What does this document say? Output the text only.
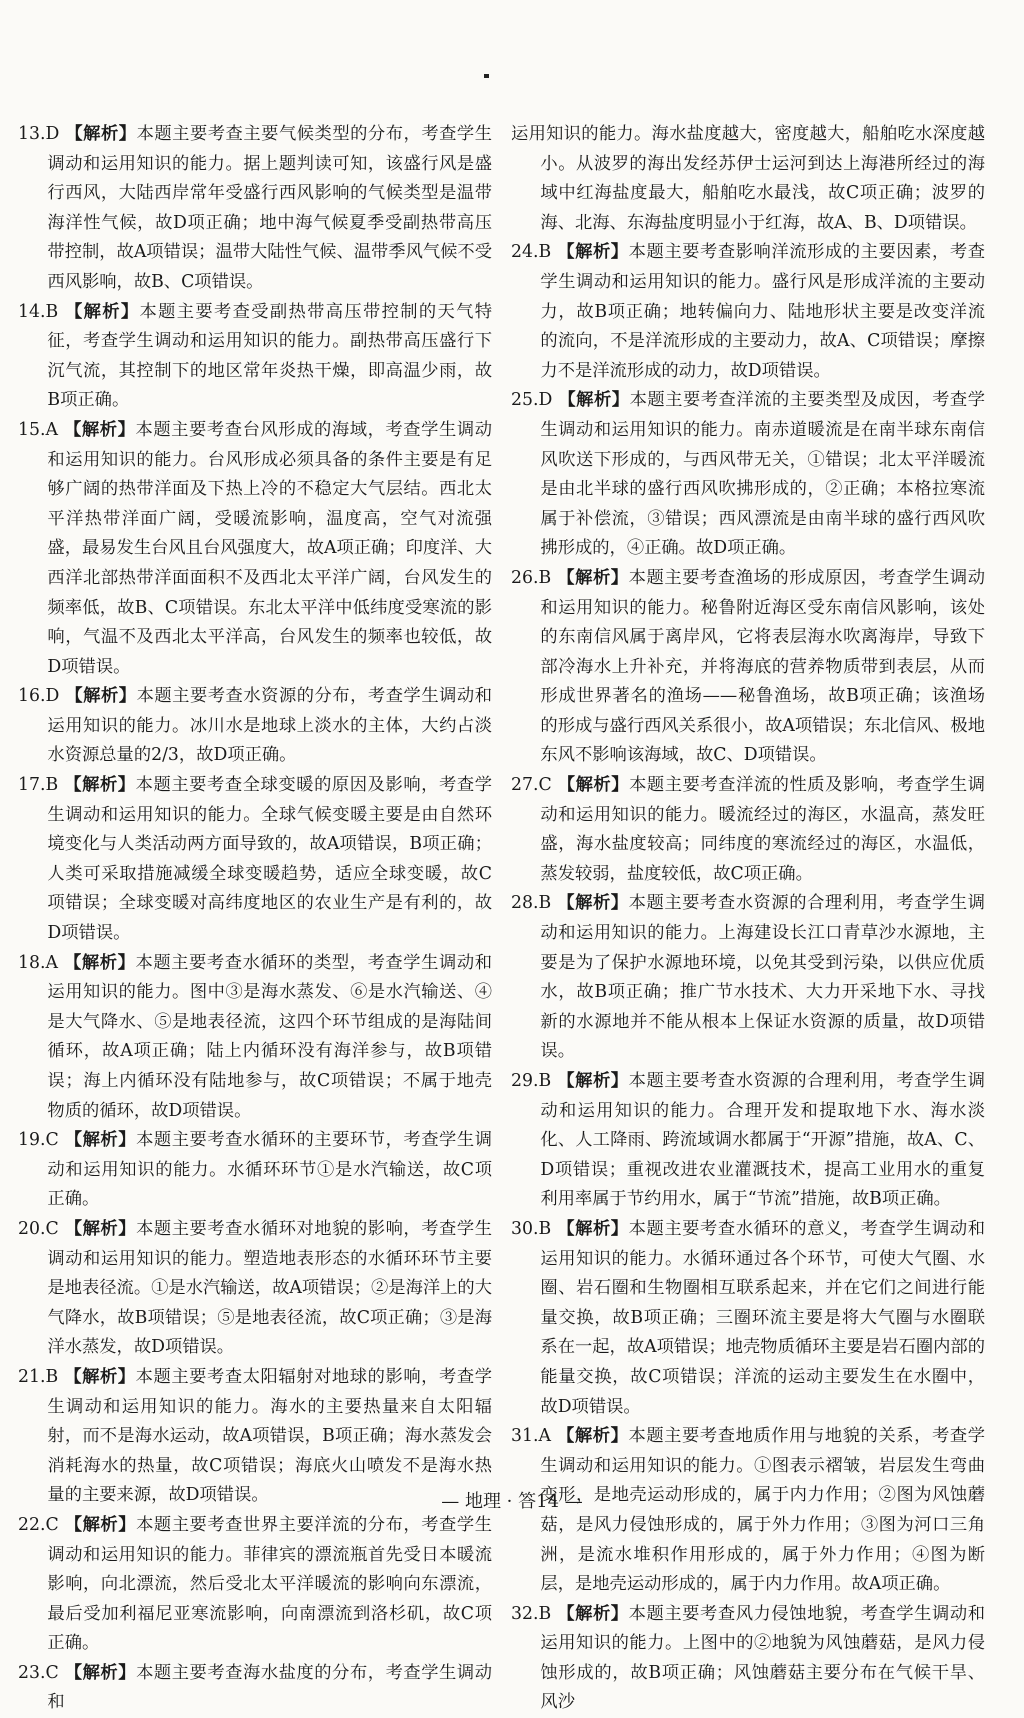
13.D 【解析】本题主要考查主要气候类型的分布，考查学生调动和运用知识的能力。据上题判读可知，该盛行风是盛行西风，大陆西岸常年受盛行西风影响的气候类型是温带海洋性气候，故D项正确；地中海气候夏季受副热带高压带控制，故A项错误；温带大陆性气候、温带季风气候不受西风影响，故B、C项错误。
14.B 【解析】本题主要考查受副热带高压带控制的天气特征，考查学生调动和运用知识的能力。副热带高压盛行下沉气流，其控制下的地区常年炎热干燥，即高温少雨，故B项正确。
15.A 【解析】本题主要考查台风形成的海域，考查学生调动和运用知识的能力。台风形成必须具备的条件主要是有足够广阔的热带洋面及下热上冷的不稳定大气层结。西北太平洋热带洋面广阔，受暖流影响，温度高，空气对流强盛，最易发生台风且台风强度大，故A项正确；印度洋、大西洋北部热带洋面面积不及西北太平洋广阔，台风发生的频率低，故B、C项错误。东北太平洋中低纬度受寒流的影响，气温不及西北太平洋高，台风发生的频率也较低，故D项错误。
16.D 【解析】本题主要考查水资源的分布，考查学生调动和运用知识的能力。冰川水是地球上淡水的主体，大约占淡水资源总量的2/3，故D项正确。
17.B 【解析】本题主要考查全球变暖的原因及影响，考查学生调动和运用知识的能力。全球气候变暖主要是由自然环境变化与人类活动两方面导致的，故A项错误，B项正确；人类可采取措施减缓全球变暖趋势，适应全球变暖，故C项错误；全球变暖对高纬度地区的农业生产是有利的，故D项错误。
18.A 【解析】本题主要考查水循环的类型，考查学生调动和运用知识的能力。图中③是海水蒸发、⑥是水汽输送、④是大气降水、⑤是地表径流，这四个环节组成的是海陆间循环，故A项正确；陆上内循环没有海洋参与，故B项错误；海上内循环没有陆地参与，故C项错误；不属于地壳物质的循环，故D项错误。
19.C 【解析】本题主要考查水循环的主要环节，考查学生调动和运用知识的能力。水循环环节①是水汽输送，故C项正确。
20.C 【解析】本题主要考查水循环对地貌的影响，考查学生调动和运用知识的能力。塑造地表形态的水循环环节主要是地表径流。①是水汽输送，故A项错误；②是海洋上的大气降水，故B项错误；⑤是地表径流，故C项正确；③是海洋水蒸发，故D项错误。
21.B 【解析】本题主要考查太阳辐射对地球的影响，考查学生调动和运用知识的能力。海水的主要热量来自太阳辐射，而不是海水运动，故A项错误，B项正确；海水蒸发会消耗海水的热量，故C项错误；海底火山喷发不是海水热量的主要来源，故D项错误。
22.C 【解析】本题主要考查世界主要洋流的分布，考查学生调动和运用知识的能力。菲律宾的漂流瓶首先受日本暖流影响，向北漂流，然后受北太平洋暖流的影响向东漂流，最后受加利福尼亚寒流影响，向南漂流到洛杉矶，故C项正确。
23.C 【解析】本题主要考查海水盐度的分布，考查学生调动和
运用知识的能力。海水盐度越大，密度越大，船舶吃水深度越小。从波罗的海出发经苏伊士运河到达上海港所经过的海域中红海盐度最大，船舶吃水最浅，故C项正确；波罗的海、北海、东海盐度明显小于红海，故A、B、D项错误。
24.B 【解析】本题主要考查影响洋流形成的主要因素，考查学生调动和运用知识的能力。盛行风是形成洋流的主要动力，故B项正确；地转偏向力、陆地形状主要是改变洋流的流向，不是洋流形成的主要动力，故A、C项错误；摩擦力不是洋流形成的动力，故D项错误。
25.D 【解析】本题主要考查洋流的主要类型及成因，考查学生调动和运用知识的能力。南赤道暖流是在南半球东南信风吹送下形成的，与西风带无关，①错误；北太平洋暖流是由北半球的盛行西风吹拂形成的，②正确；本格拉寒流属于补偿流，③错误；西风漂流是由南半球的盛行西风吹拂形成的，④正确。故D项正确。
26.B 【解析】本题主要考查渔场的形成原因，考查学生调动和运用知识的能力。秘鲁附近海区受东南信风影响，该处的东南信风属于离岸风，它将表层海水吹离海岸，导致下部冷海水上升补充，并将海底的营养物质带到表层，从而形成世界著名的渔场——秘鲁渔场，故B项正确；该渔场的形成与盛行西风关系很小，故A项错误；东北信风、极地东风不影响该海域，故C、D项错误。
27.C 【解析】本题主要考查洋流的性质及影响，考查学生调动和运用知识的能力。暖流经过的海区，水温高，蒸发旺盛，海水盐度较高；同纬度的寒流经过的海区，水温低，蒸发较弱，盐度较低，故C项正确。
28.B 【解析】本题主要考查水资源的合理利用，考查学生调动和运用知识的能力。上海建设长江口青草沙水源地，主要是为了保护水源地环境，以免其受到污染，以供应优质水，故B项正确；推广节水技术、大力开采地下水、寻找新的水源地并不能从根本上保证水资源的质量，故D项错误。
29.B 【解析】本题主要考查水资源的合理利用，考查学生调动和运用知识的能力。合理开发和提取地下水、海水淡化、人工降雨、跨流域调水都属于“开源”措施，故A、C、D项错误；重视改进农业灌溉技术，提高工业用水的重复利用率属于节约用水，属于“节流”措施，故B项正确。
30.B 【解析】本题主要考查水循环的意义，考查学生调动和运用知识的能力。水循环通过各个环节，可使大气圈、水圈、岩石圈和生物圈相互联系起来，并在它们之间进行能量交换，故B项正确；三圈环流主要是将大气圈与水圈联系在一起，故A项错误；地壳物质循环主要是岩石圈内部的能量交换，故C项错误；洋流的运动主要发生在水圈中，故D项错误。
31.A 【解析】本题主要考查地质作用与地貌的关系，考查学生调动和运用知识的能力。①图表示褶皱，岩层发生弯曲变形，是地壳运动形成的，属于内力作用；②图为风蚀蘑菇，是风力侵蚀形成的，属于外力作用；③图为河口三角洲，是流水堆积作用形成的，属于外力作用；④图为断层，是地壳运动形成的，属于内力作用。故A项正确。
32.B 【解析】本题主要考查风力侵蚀地貌，考查学生调动和运用知识的能力。上图中的②地貌为风蚀蘑菇，是风力侵蚀形成的，故B项正确；风蚀蘑菇主要分布在气候干旱、风沙
— 地理 · 答14 —
